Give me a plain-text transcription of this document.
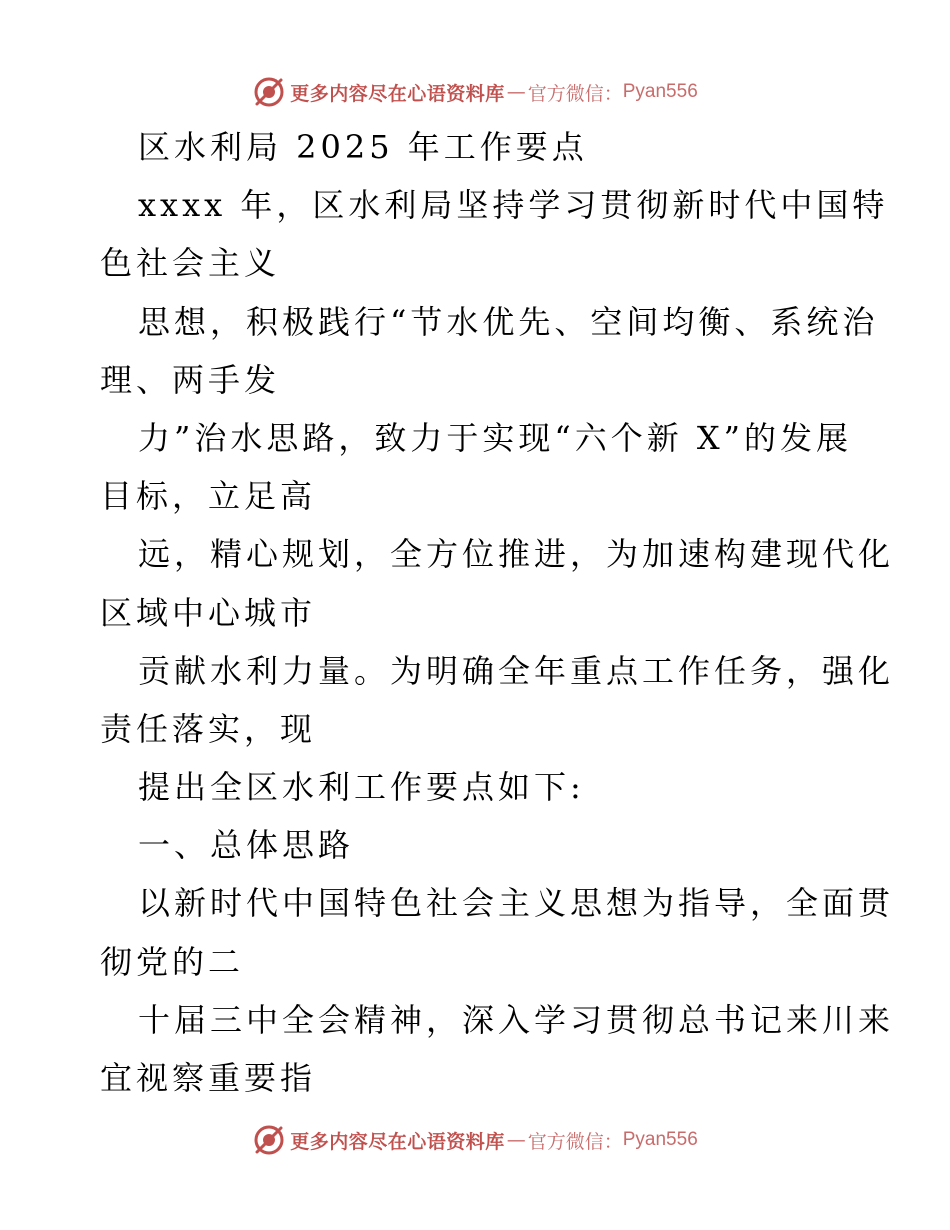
更多内容尽在心语资料库 — 官方微信： Pyan556
区水利局 2025 年工作要点
xxxx 年，区水利局坚持学习贯彻新时代中国特
色社会主义
思想，积极践行“节水优先、空间均衡、系统治
理、两手发
力”治水思路，致力于实现“六个新 X”的发展
目标，立足高
远，精心规划，全方位推进，为加速构建现代化
区域中心城市
贡献水利力量。为明确全年重点工作任务，强化
责任落实，现
提出全区水利工作要点如下:
一、总体思路
以新时代中国特色社会主义思想为指导，全面贯
彻党的二
十届三中全会精神，深入学习贯彻总书记来川来
宜视察重要指
更多内容尽在心语资料库 — 官方微信： Pyan556
